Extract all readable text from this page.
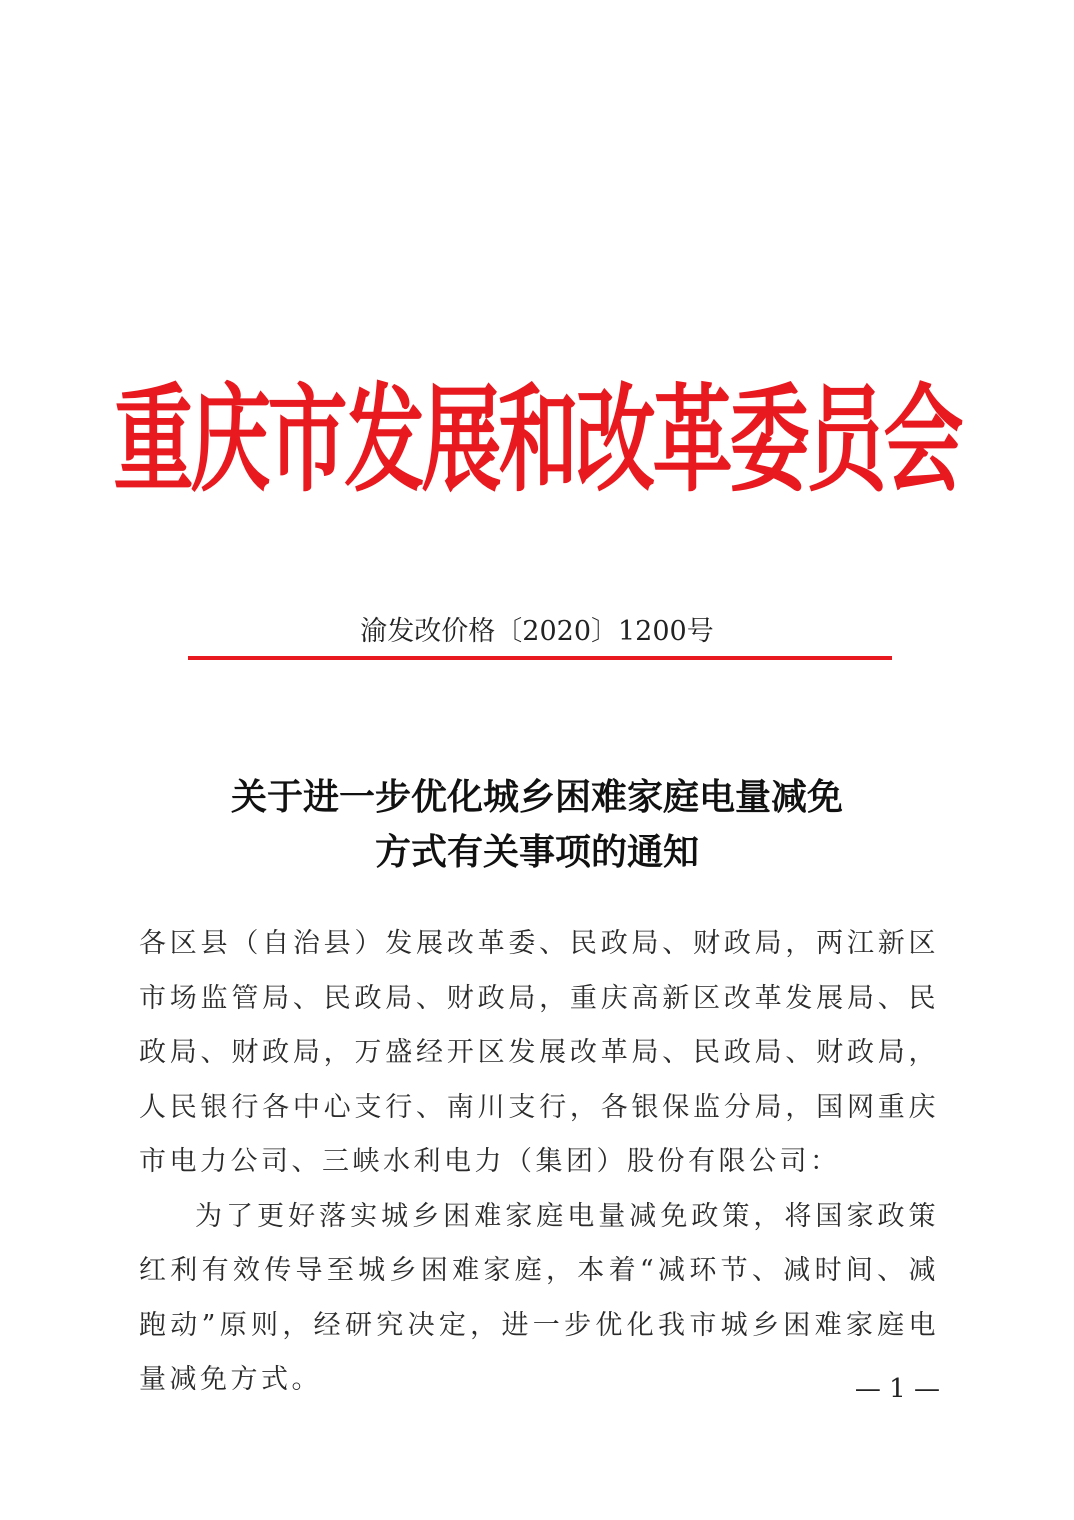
重庆市发展和改革委员会
渝发改价格〔2020〕1200号
关于进一步优化城乡困难家庭电量减免
方式有关事项的通知

各区县（自治县）发展改革委、民政局、财政局，两江新区市场监管局、民政局、财政局，重庆高新区改革发展局、民政局、财政局，万盛经开区发展改革局、民政局、财政局，人民银行各中心支行、南川支行，各银保监分局，国网重庆市电力公司、三峡水利电力（集团）股份有限公司：

为了更好落实城乡困难家庭电量减免政策，将国家政策红利有效传导至城乡困难家庭，本着“减环节、减时间、减跑动”原则，经研究决定，进一步优化我市城乡困难家庭电量减免方式。	— 1 —
